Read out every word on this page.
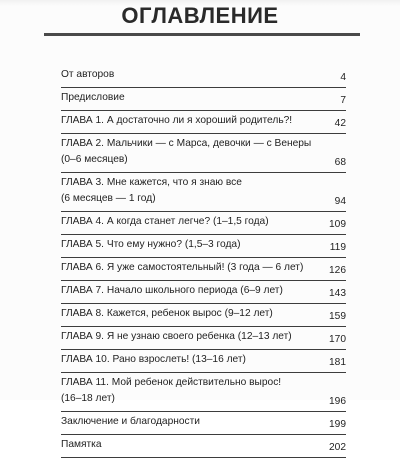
ОГЛАВЛЕНИЕ
От авторов	4
Предисловие	7
ГЛАВА 1. А достаточно ли я хороший родитель?!	42
ГЛАВА 2. Мальчики — с Марса, девочки — с Венеры
(0–6 месяцев)	68
ГЛАВА 3. Мне кажется, что я знаю все
(6 месяцев — 1 год)	94
ГЛАВА 4. А когда станет легче? (1–1,5 года)	109
ГЛАВА 5. Что ему нужно? (1,5–3 года)	119
ГЛАВА 6. Я уже самостоятельный! (3 года — 6 лет)	126
ГЛАВА 7. Начало школьного периода (6–9 лет)	143
ГЛАВА 8. Кажется, ребенок вырос (9–12 лет)	159
ГЛАВА 9. Я не узнаю своего ребенка (12–13 лет)	170
ГЛАВА 10. Рано взрослеть! (13–16 лет)	181
ГЛАВА 11. Мой ребенок действительно вырос!
(16–18 лет)	196
Заключение и благодарности	199
Памятка	202
